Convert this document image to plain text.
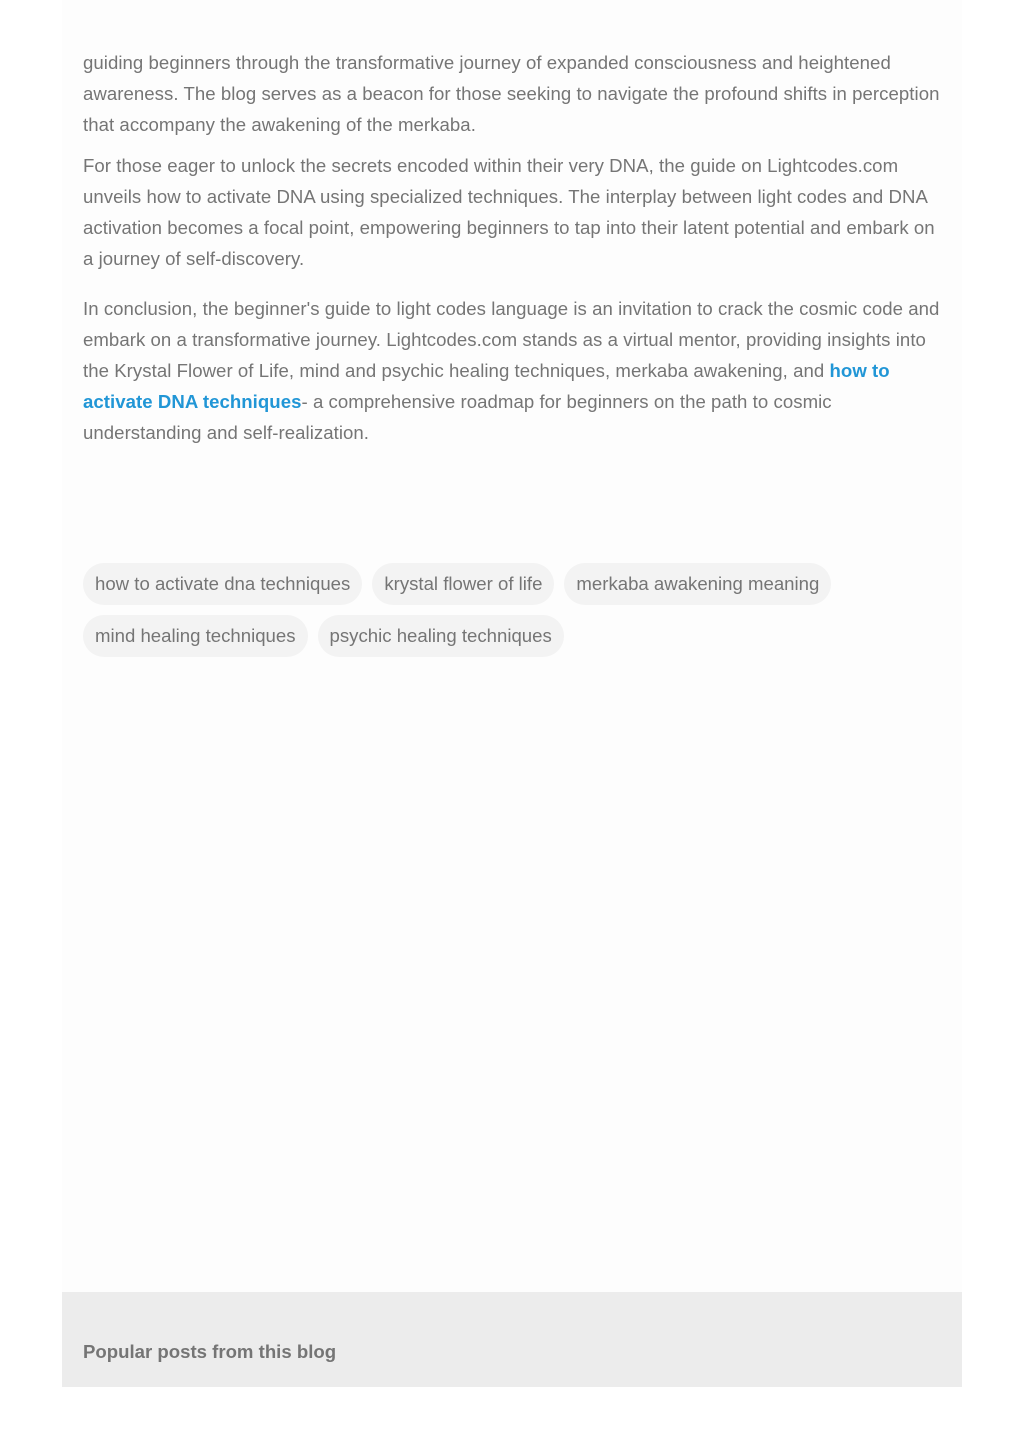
guiding beginners through the transformative journey of expanded consciousness and heightened awareness. The blog serves as a beacon for those seeking to navigate the profound shifts in perception that accompany the awakening of the merkaba.

For those eager to unlock the secrets encoded within their very DNA, the guide on Lightcodes.com unveils how to activate DNA using specialized techniques. The interplay between light codes and DNA activation becomes a focal point, empowering beginners to tap into their latent potential and embark on a journey of self-discovery.

In conclusion, the beginner's guide to light codes language is an invitation to crack the cosmic code and embark on a transformative journey. Lightcodes.com stands as a virtual mentor, providing insights into the Krystal Flower of Life, mind and psychic healing techniques, merkaba awakening, and how to activate DNA techniques- a comprehensive roadmap for beginners on the path to cosmic understanding and self-realization.

how to activate dna techniques	krystal flower of life	merkaba awakening meaning
mind healing techniques	psychic healing techniques
Popular posts from this blog
